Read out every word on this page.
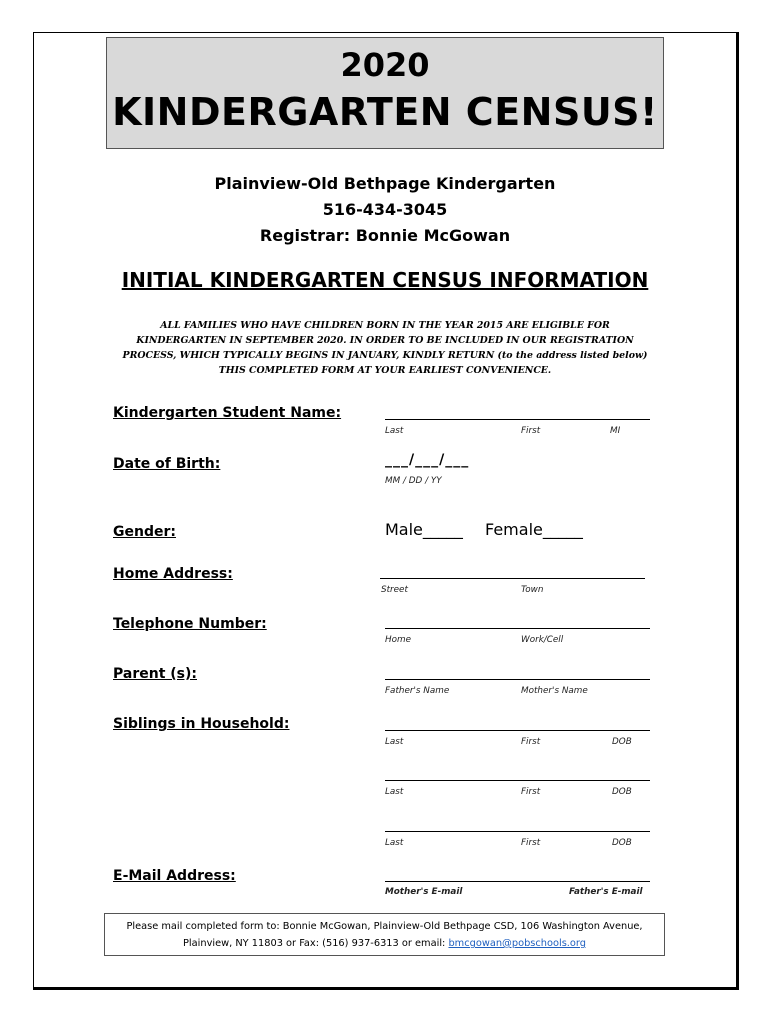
2020
KINDERGARTEN CENSUS!
Plainview-Old Bethpage Kindergarten
516-434-3045
Registrar: Bonnie McGowan
INITIAL KINDERGARTEN CENSUS INFORMATION
ALL FAMILIES WHO HAVE CHILDREN BORN IN THE YEAR 2015 ARE ELIGIBLE FOR
KINDERGARTEN IN SEPTEMBER 2020. IN ORDER TO BE INCLUDED IN OUR REGISTRATION
PROCESS, WHICH TYPICALLY BEGINS IN JANUARY, KINDLY RETURN (to the address listed below)
THIS COMPLETED FORM AT YOUR EARLIEST CONVENIENCE.
Kindergarten Student Name:
Last	First	MI
Date of Birth:	___/___/___
MM / DD / YY
Gender:	Male_____ Female_____
Home Address:
Street	Town
Telephone Number:
Home	Work/Cell
Parent (s):
Father's Name	Mother's Name
Siblings in Household:
Last	First	DOB
Last	First	DOB
Last	First	DOB
E-Mail Address:
Mother's E-mail	Father's E-mail
Please mail completed form to: Bonnie McGowan, Plainview-Old Bethpage CSD, 106 Washington Avenue,
Plainview, NY 11803 or Fax: (516) 937-6313 or email: bmcgowan@pobschools.org
